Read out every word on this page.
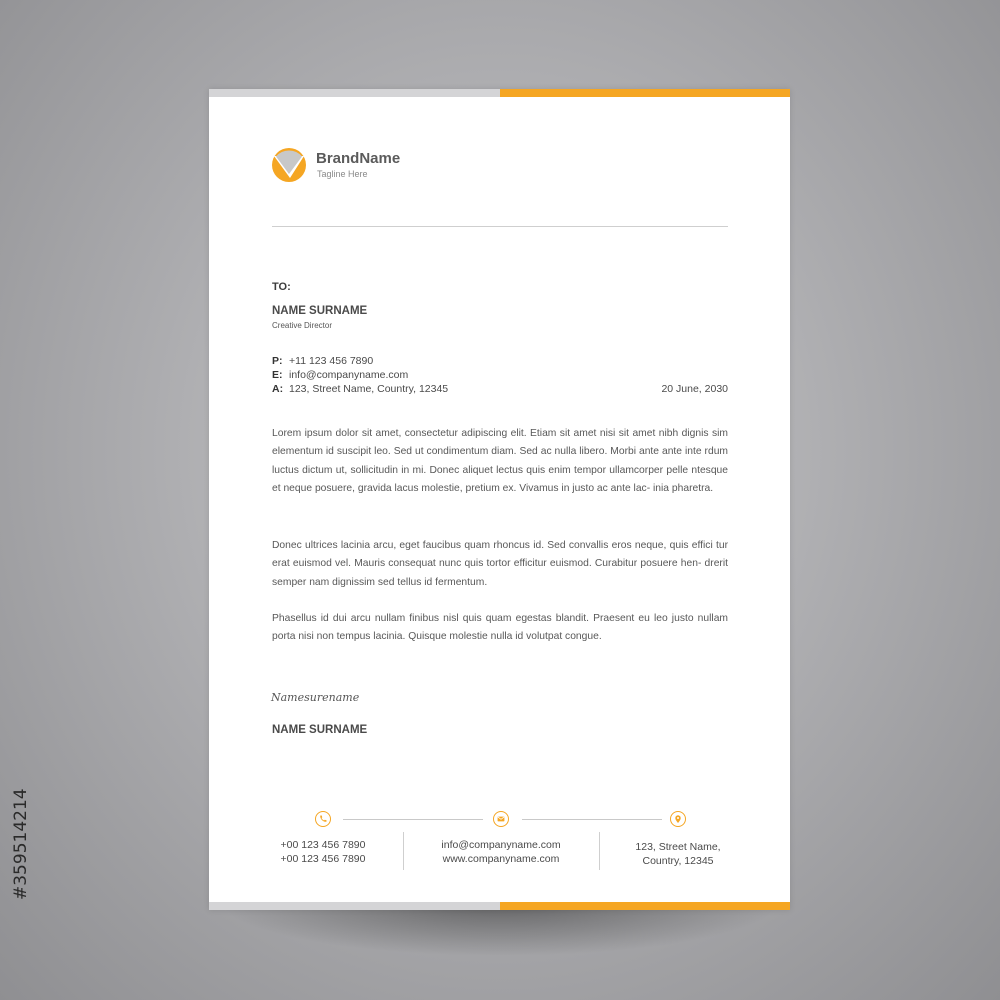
#359514214
BrandName
Tagline Here
TO:
NAME SURNAME
Creative Director
P: +11 123 456 7890
E: info@companyname.com
A: 123, Street Name, Country, 12345	20 June, 2030

Lorem ipsum dolor sit amet, consectetur adipiscing elit. Etiam sit amet nisi sit amet nibh dignis sim elementum id suscipit leo. Sed ut condimentum diam. Sed ac nulla libero. Morbi ante ante inte rdum luctus dictum ut, sollicitudin in mi. Donec aliquet lectus quis enim tempor ullamcorper pelle ntesque et neque posuere, gravida lacus molestie, pretium ex. Vivamus in justo ac ante lac- inia pharetra.

Donec ultrices lacinia arcu, eget faucibus quam rhoncus id. Sed convallis eros neque, quis effici tur erat euismod vel. Mauris consequat nunc quis tortor efficitur euismod. Curabitur posuere hen- drerit semper nam dignissim sed tellus id fermentum.

Phasellus id dui arcu nullam finibus nisl quis quam egestas blandit. Praesent eu leo justo nullam porta nisi non tempus lacinia. Quisque molestie nulla id volutpat congue.

Namesurename
NAME SURNAME
+00 123 456 7890
+00 123 456 7890
info@companyname.com
www.companyname.com
123, Street Name,
Country, 12345
